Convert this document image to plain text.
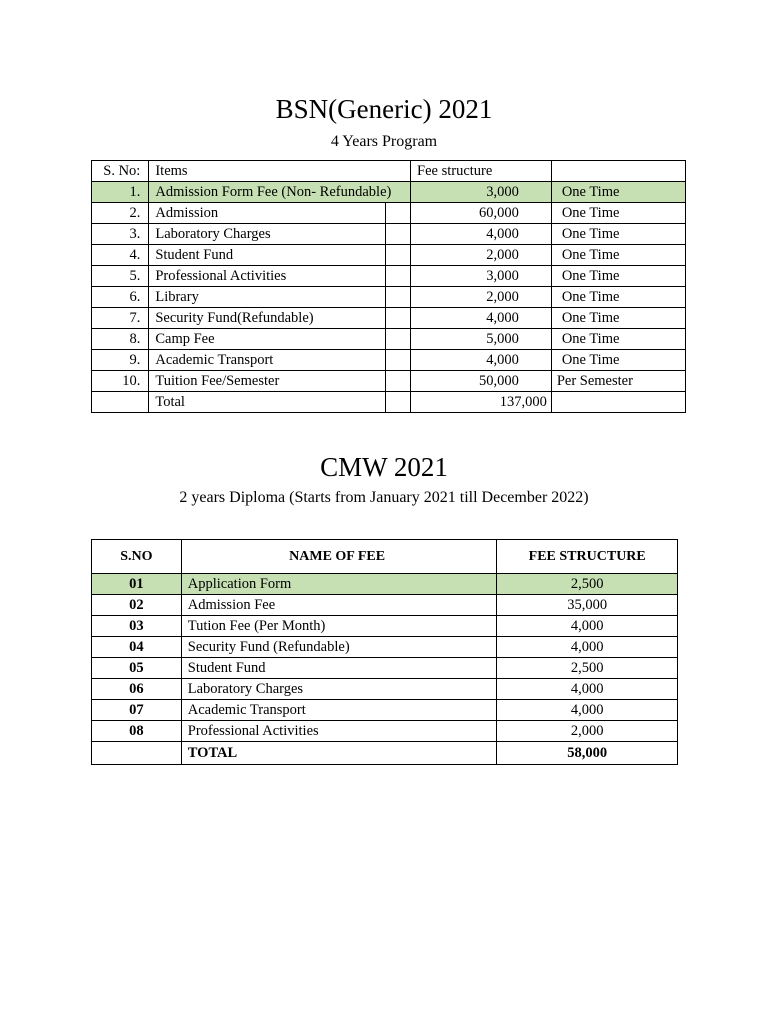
BSN(Generic) 2021
4 Years Program
S. No:	Items		Fee structure	
1.	Admission Form Fee (Non- Refundable)		3,000	One Time
2.	Admission		60,000	One Time
3.	Laboratory Charges		4,000	One Time
4.	Student Fund		2,000	One Time
5.	Professional Activities		3,000	One Time
6.	Library		2,000	One Time
7.	Security Fund(Refundable)		4,000	One Time
8.	Camp Fee		5,000	One Time
9.	Academic Transport		4,000	One Time
10.	Tuition Fee/Semester		50,000	Per Semester
	Total		137,000	
CMW 2021
2 years Diploma (Starts from January 2021 till December 2022)
S.NO	NAME OF FEE	FEE STRUCTURE
01	Application Form	2,500
02	Admission Fee	35,000
03	Tution Fee (Per Month)	4,000
04	Security Fund (Refundable)	4,000
05	Student Fund	2,500
06	Laboratory Charges	4,000
07	Academic Transport	4,000
08	Professional Activities	2,000
	TOTAL	58,000
